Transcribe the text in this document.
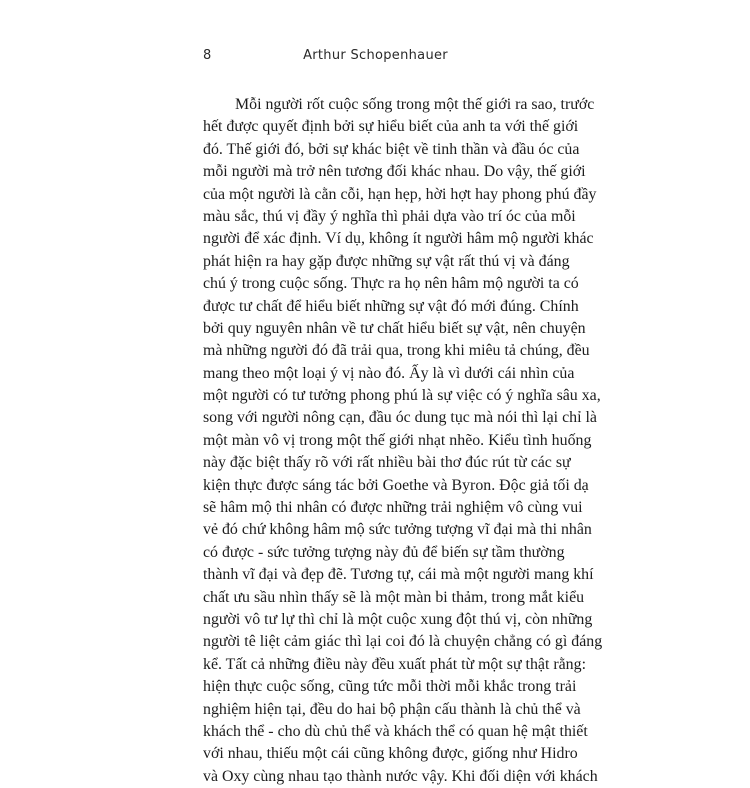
8	Arthur Schopenhauer
Mỗi người rốt cuộc sống trong một thế giới ra sao, trước
hết được quyết định bởi sự hiểu biết của anh ta với thế giới
đó. Thế giới đó, bởi sự khác biệt về tinh thần và đầu óc của
mỗi người mà trở nên tương đối khác nhau. Do vậy, thế giới
của một người là cằn cỗi, hạn hẹp, hời hợt hay phong phú đầy
màu sắc, thú vị đầy ý nghĩa thì phải dựa vào trí óc của mỗi
người để xác định. Ví dụ, không ít người hâm mộ người khác
phát hiện ra hay gặp được những sự vật rất thú vị và đáng
chú ý trong cuộc sống. Thực ra họ nên hâm mộ người ta có
được tư chất để hiểu biết những sự vật đó mới đúng. Chính
bởi quy nguyên nhân về tư chất hiểu biết sự vật, nên chuyện
mà những người đó đã trải qua, trong khi miêu tả chúng, đều
mang theo một loại ý vị nào đó. Ấy là vì dưới cái nhìn của
một người có tư tưởng phong phú là sự việc có ý nghĩa sâu xa,
song với người nông cạn, đầu óc dung tục mà nói thì lại chỉ là
một màn vô vị trong một thế giới nhạt nhẽo. Kiểu tình huống
này đặc biệt thấy rõ với rất nhiều bài thơ đúc rút từ các sự
kiện thực được sáng tác bởi Goethe và Byron. Độc giả tối dạ
sẽ hâm mộ thi nhân có được những trải nghiệm vô cùng vui
vẻ đó chứ không hâm mộ sức tưởng tượng vĩ đại mà thi nhân
có được - sức tưởng tượng này đủ để biến sự tầm thường
thành vĩ đại và đẹp đẽ. Tương tự, cái mà một người mang khí
chất ưu sầu nhìn thấy sẽ là một màn bi thảm, trong mắt kiểu
người vô tư lự thì chỉ là một cuộc xung đột thú vị, còn những
người tê liệt cảm giác thì lại coi đó là chuyện chẳng có gì đáng
kể. Tất cả những điều này đều xuất phát từ một sự thật rằng:
hiện thực cuộc sống, cũng tức mỗi thời mỗi khắc trong trải
nghiệm hiện tại, đều do hai bộ phận cấu thành là chủ thể và
khách thể - cho dù chủ thể và khách thể có quan hệ mật thiết
với nhau, thiếu một cái cũng không được, giống như Hidro
và Oxy cùng nhau tạo thành nước vậy. Khi đối diện với khách
